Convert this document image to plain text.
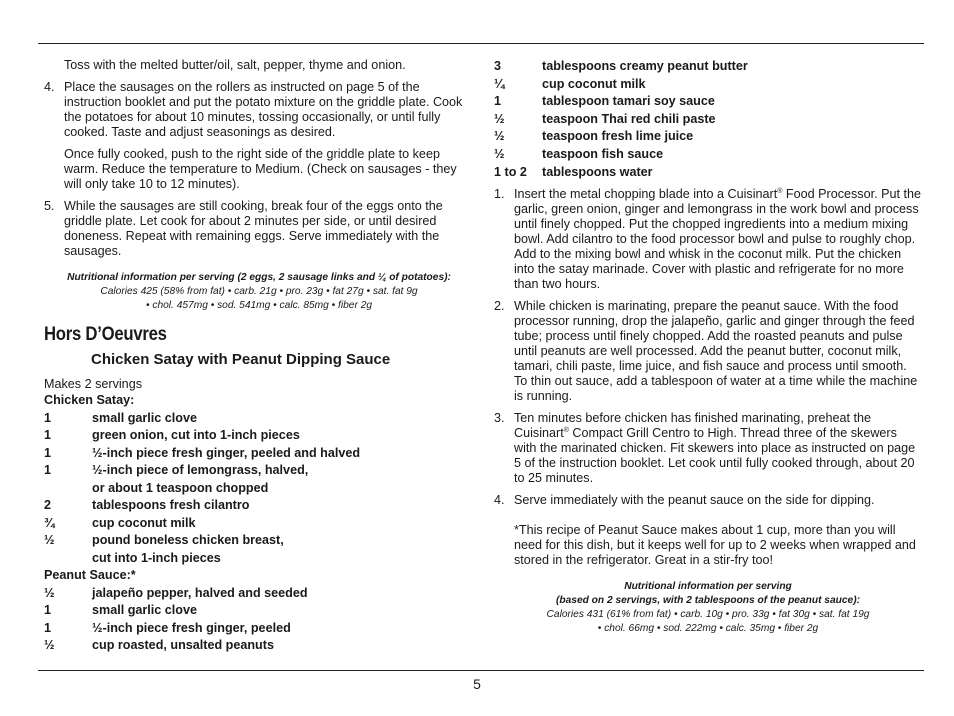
Toss with the melted butter/oil, salt, pepper, thyme and onion.

4. Place the sausages on the rollers as instructed on page 5 of the instruction booklet and put the potato mixture on the griddle plate. Cook the potatoes for about 10 minutes, tossing occasionally, or until fully cooked. Taste and adjust seasonings as desired.
Once fully cooked, push to the right side of the griddle plate to keep warm. Reduce the temperature to Medium. (Check on sausages - they will only take 10 to 12 minutes).
5. While the sausages are still cooking, break four of the eggs onto the griddle plate. Let cook for about 2 minutes per side, or until desired doneness. Repeat with remaining eggs. Serve immediately with the sausages.
Nutritional information per serving (2 eggs, 2 sausage links and ¼ of potatoes):
Calories 425 (58% from fat) • carb. 21g • pro. 23g • fat 27g • sat. fat 9g
• chol. 457mg • sod. 541mg • calc. 85mg • fiber 2g
Hors D’Oeuvres
Chicken Satay with Peanut Dipping Sauce
Makes 2 servings
Chicken Satay:
1	small garlic clove
1	green onion, cut into 1-inch pieces
1	½-inch piece fresh ginger, peeled and halved
1	½-inch piece of lemongrass, halved,
or about 1 teaspoon chopped
2	tablespoons fresh cilantro
¾	cup coconut milk
½	pound boneless chicken breast,
cut into 1-inch pieces
Peanut Sauce:*
½	jalapeño pepper, halved and seeded
1	small garlic clove
1	½-inch piece fresh ginger, peeled
½	cup roasted, unsalted peanuts
3	tablespoons creamy peanut butter
¼	cup coconut milk
1	tablespoon tamari soy sauce
½	teaspoon Thai red chili paste
½	teaspoon fresh lime juice
½	teaspoon fish sauce
1 to 2	tablespoons water
1. Insert the metal chopping blade into a Cuisinart® Food Processor. Put the garlic, green onion, ginger and lemongrass in the work bowl and process until finely chopped. Put the chopped ingredients into a medium mixing bowl. Add cilantro to the food processor bowl and pulse to roughly chop. Add to the mixing bowl and whisk in the coconut milk. Put the chicken into the satay marinade. Cover with plastic and refrigerate for no more than two hours.
2. While chicken is marinating, prepare the peanut sauce. With the food processor running, drop the jalapeño, garlic and ginger through the feed tube; process until finely chopped. Add the roasted peanuts and pulse until peanuts are well processed. Add the peanut butter, coconut milk, tamari, chili paste, lime juice, and fish sauce and process until smooth. To thin out sauce, add a tablespoon of water at a time while the machine is running.
3. Ten minutes before chicken has finished marinating, preheat the Cuisinart® Compact Grill Centro to High. Thread three of the skewers with the marinated chicken. Fit skewers into place as instructed on page 5 of the instruction booklet. Let cook until fully cooked through, about 20 to 25 minutes.
4. Serve immediately with the peanut sauce on the side for dipping.
*This recipe of Peanut Sauce makes about 1 cup, more than you will need for this dish, but it keeps well for up to 2 weeks when wrapped and stored in the refrigerator. Great in a stir-fry too!
Nutritional information per serving
(based on 2 servings, with 2 tablespoons of the peanut sauce):
Calories 431 (61% from fat) • carb. 10g • pro. 33g • fat 30g • sat. fat 19g
• chol. 66mg • sod. 222mg • calc. 35mg • fiber 2g
5
